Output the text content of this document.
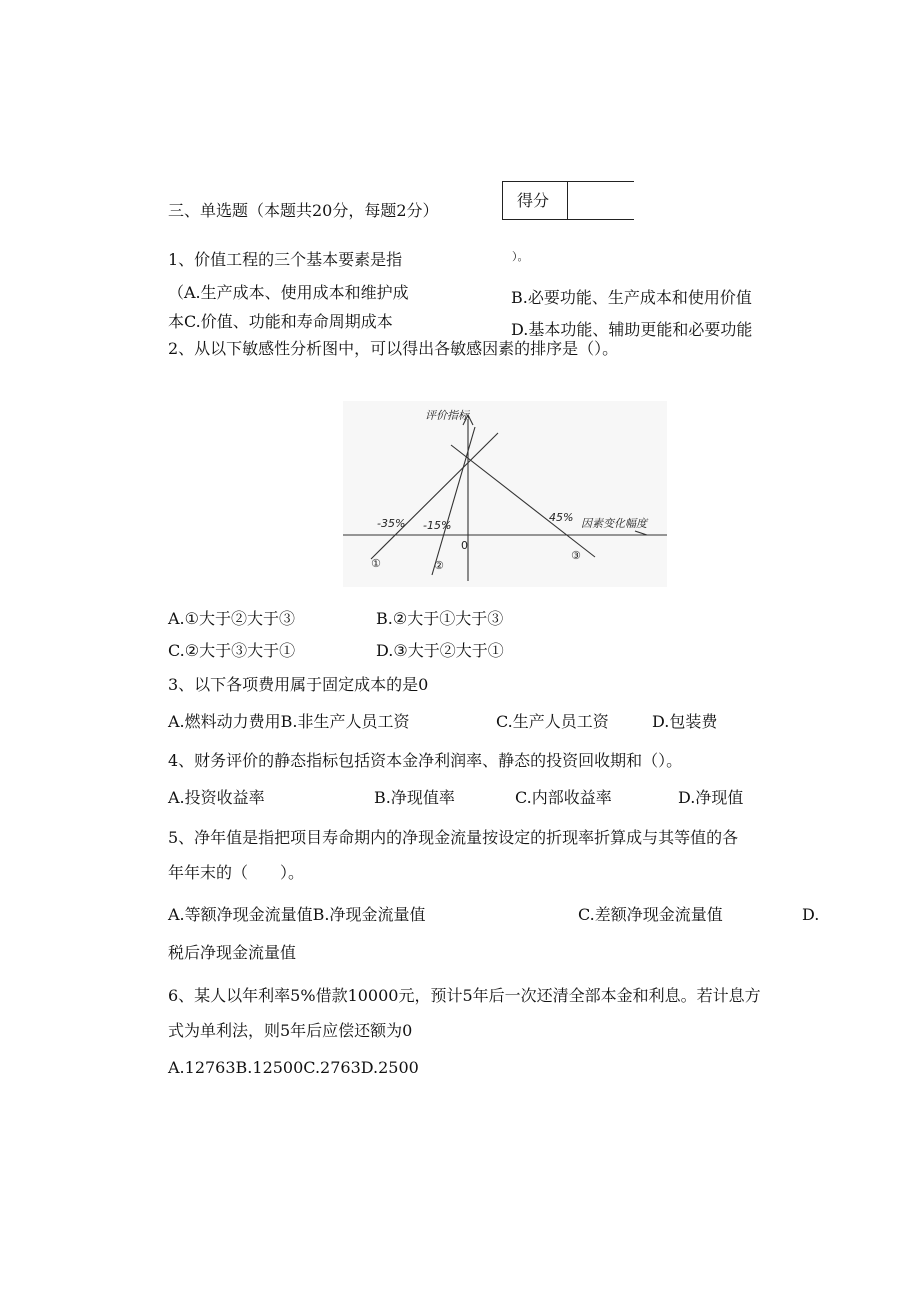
三、单选题（本题共20分，每题2分）
得分
1、价值工程的三个基本要素是指	）。
（A.生产成本、使用成本和维护成	B.必要功能、生产成本和使用价值
本C.价值、功能和寿命周期成本	D.基本功能、辅助更能和必要功能
2、从以下敏感性分析图中，可以得出各敏感因素的排序是（）。
评价指标
因素变化幅度
0
-35% -15%
45%
①	②
③
A.①大于②大于③	B.②大于①大于③
C.②大于③大于①	D.③大于②大于①
3、以下各项费用属于固定成本的是0
A.燃料动力费用B.非生产人员工资	C.生产人员工资	D.包装费
4、财务评价的静态指标包括资本金净利润率、静态的投资回收期和（）。
A.投资收益率	B.净现值率	C.内部收益率	D.净现值
5、净年值是指把项目寿命期内的净现金流量按设定的折现率折算成与其等值的各
年年末的（　　）。
A.等额净现金流量值B.净现金流量值	C.差额净现金流量值	D.
税后净现金流量值
6、某人以年利率5%借款10000元，预计5年后一次还清全部本金和利息。若计息方
式为单利法，则5年后应偿还额为0
A.12763B.12500C.2763D.2500
